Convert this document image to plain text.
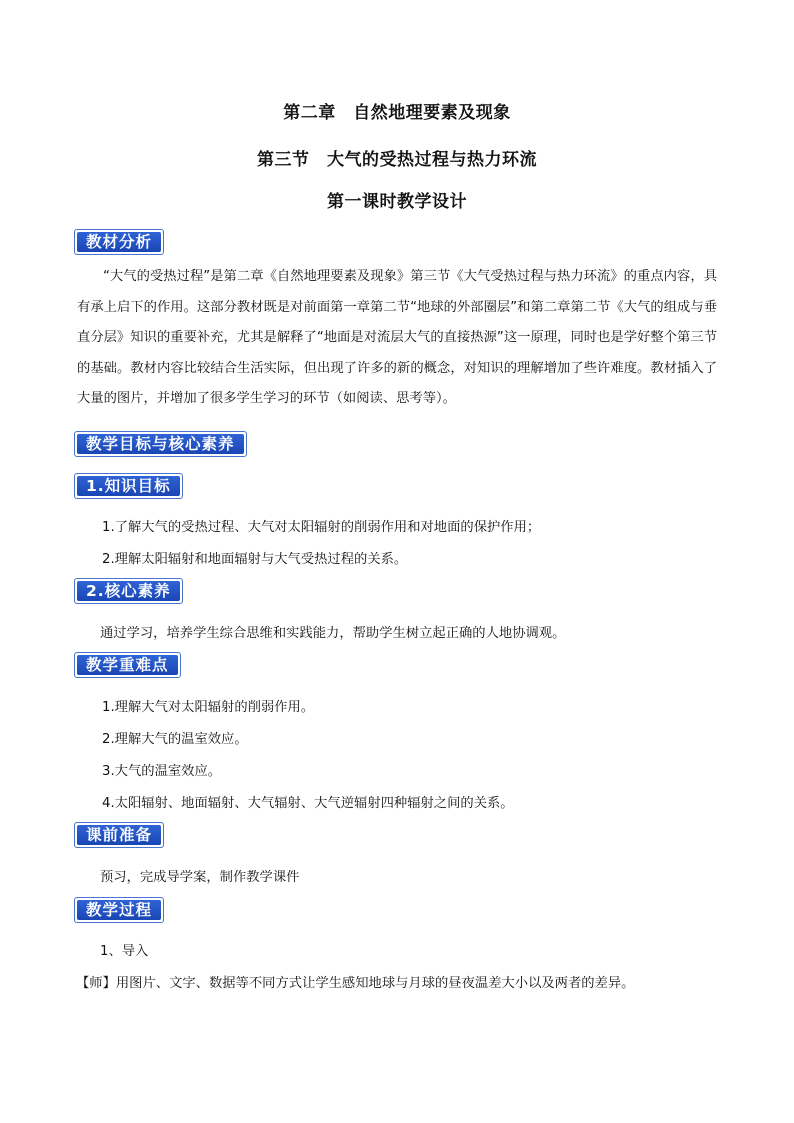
第二章　自然地理要素及现象
第三节　大气的受热过程与热力环流
第一课时教学设计
教材分析
“大气的受热过程”是第二章《自然地理要素及现象》第三节《大气受热过程与热力环流》的重点内容，具有承上启下的作用。这部分教材既是对前面第一章第二节“地球的外部圈层”和第二章第二节《大气的组成与垂直分层》知识的重要补充，尤其是解释了“地面是对流层大气的直接热源”这一原理，同时也是学好整个第三节的基础。教材内容比较结合生活实际，但出现了许多的新的概念，对知识的理解增加了些许难度。教材插入了大量的图片，并增加了很多学生学习的环节（如阅读、思考等）。
教学目标与核心素养
1.知识目标
1.了解大气的受热过程、大气对太阳辐射的削弱作用和对地面的保护作用；
2.理解太阳辐射和地面辐射与大气受热过程的关系。
2.核心素养
通过学习，培养学生综合思维和实践能力，帮助学生树立起正确的人地协调观。
教学重难点
1.理解大气对太阳辐射的削弱作用。
2.理解大气的温室效应。
3.大气的温室效应。
4.太阳辐射、地面辐射、大气辐射、大气逆辐射四种辐射之间的关系。
课前准备
预习，完成导学案，制作教学课件
教学过程
1、导入
【师】用图片、文字、数据等不同方式让学生感知地球与月球的昼夜温差大小以及两者的差异。
